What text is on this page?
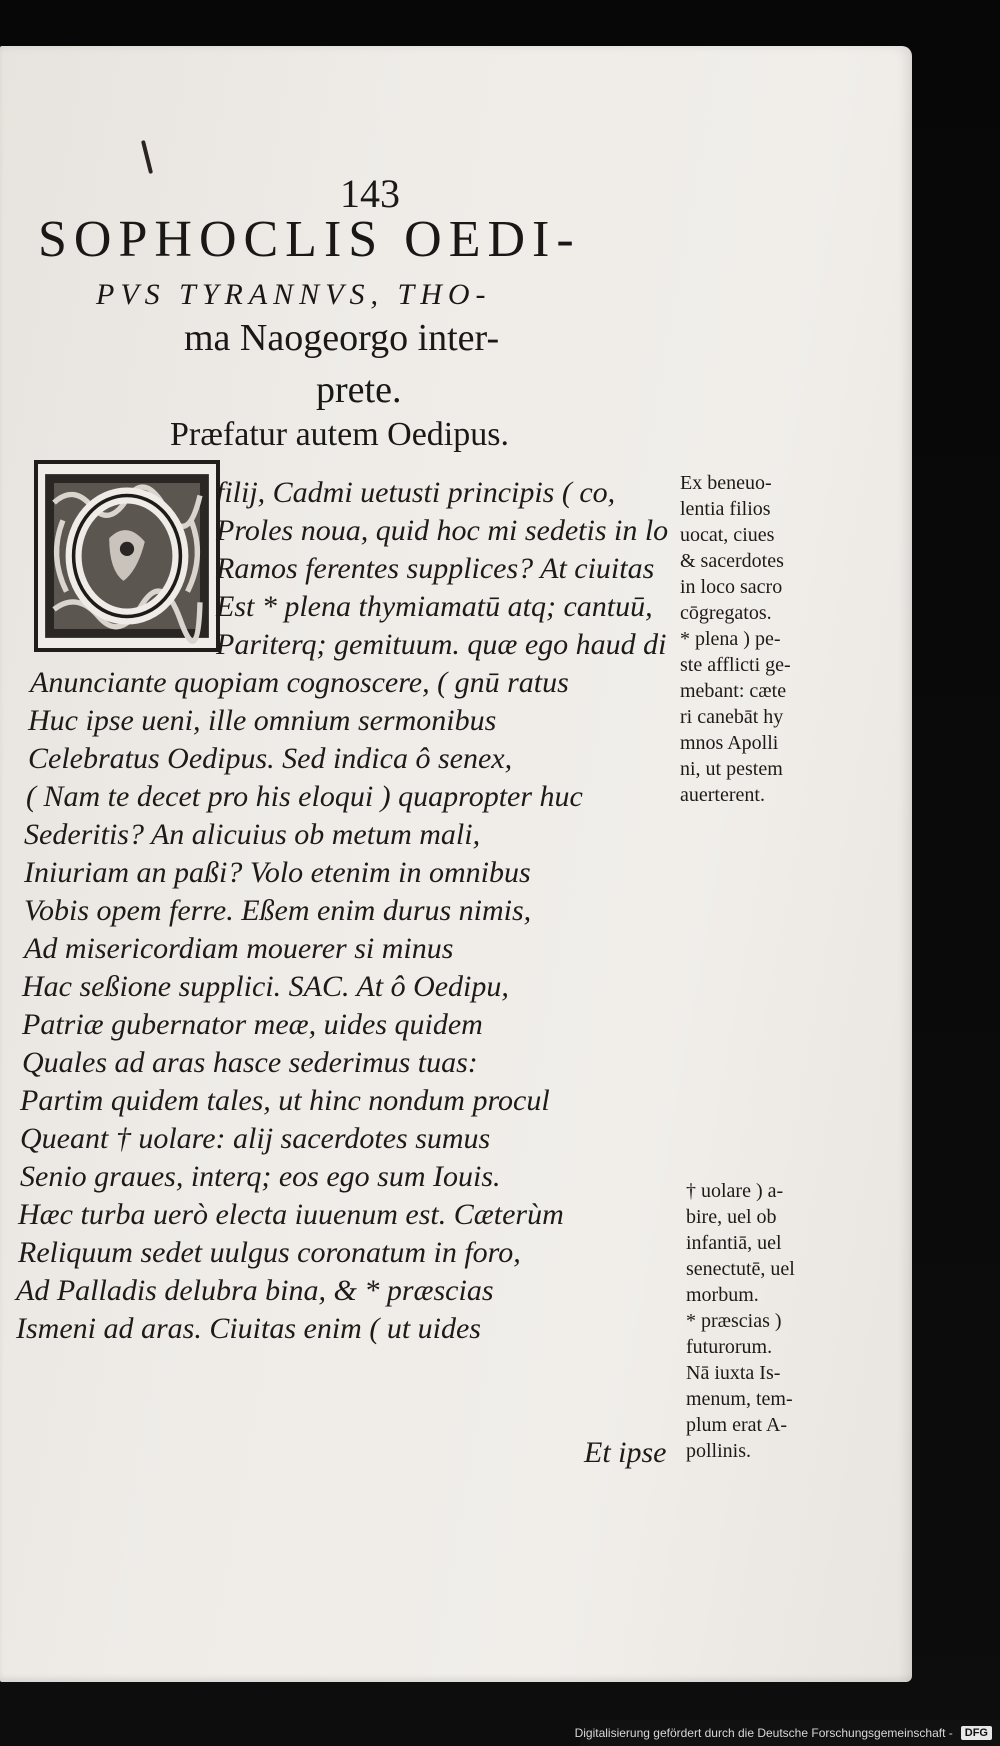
143
SOPHOCLIS OEDI-
PVS TYRANNVS, THO-
ma Naogeorgo inter-
prete.
Præfatur autem Oedipus.
filij, Cadmi uetusti principis ( co,
Proles noua, quid hoc mi sedetis in lo
Ramos ferentes supplices? At ciuitas
Est * plena thymiamatū atq; cantuū,
Pariterq; gemituum. quæ ego haud di
Anunciante quopiam cognoscere, ( gnū ratus
Huc ipse ueni, ille omnium sermonibus
Celebratus Oedipus. Sed indica ô senex,
( Nam te decet pro his eloqui ) quapropter huc
Sederitis? An alicuius ob metum mali,
Iniuriam an paßi? Volo etenim in omnibus
Vobis opem ferre. Eßem enim durus nimis,
Ad misericordiam mouerer si minus
Hac seßione supplici. SAC. At ô Oedipu,
Patriæ gubernator meæ, uides quidem
Quales ad aras hasce sederimus tuas:
Partim quidem tales, ut hinc nondum procul
Queant † uolare: alij sacerdotes sumus
Senio graues, interq; eos ego sum Iouis.
Hæc turba uerò electa iuuenum est. Cæterùm
Reliquum sedet uulgus coronatum in foro,
Ad Palladis delubra bina, & * præscias
Ismeni ad aras. Ciuitas enim ( ut uides
Ex beneuo-
lentia filios
uocat, ciues
& sacerdotes
in loco sacro
cōgregatos.
* plena ) pe-
ste afflicti ge-
mebant: cæte
ri canebāt hy
mnos Apolli
ni, ut pestem
auerterent.
† uolare ) a-
bire, uel ob
infantiā, uel
senectutē, uel
morbum.
* præscias )
futurorum.
Nā iuxta Is-
menum, tem-
plum erat A-
pollinis.
Et ipse
Digitalisierung gefördert durch die Deutsche Forschungsgemeinschaft -	DFG
